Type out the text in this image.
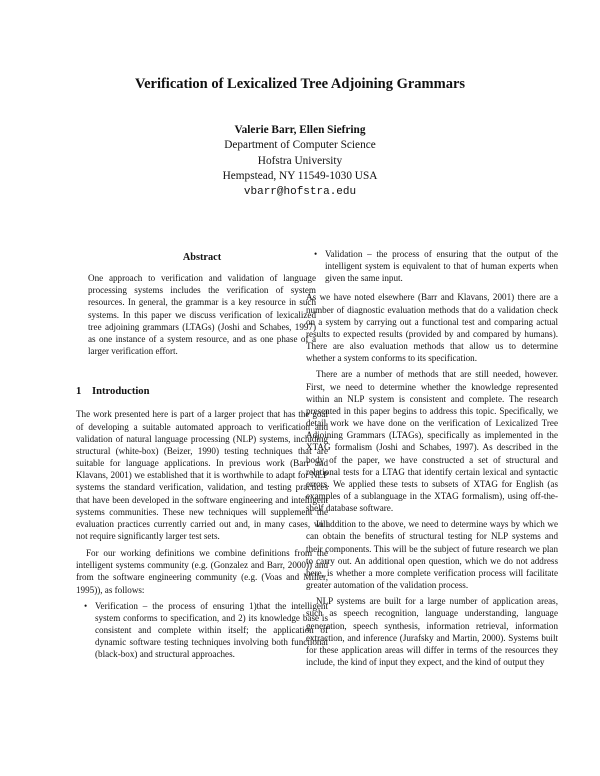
Verification of Lexicalized Tree Adjoining Grammars
Valerie Barr, Ellen Siefring
Department of Computer Science
Hofstra University
Hempstead, NY 11549-1030 USA
vbarr@hofstra.edu
Abstract
One approach to verification and validation of language processing systems includes the verification of system resources. In general, the grammar is a key resource in such systems. In this paper we discuss verification of lexicalized tree adjoining grammars (LTAGs) (Joshi and Schabes, 1997) as one instance of a system resource, and as one phase of a larger verification effort.
1 Introduction

The work presented here is part of a larger project that has the goal of developing a suitable automated approach to verification and validation of natural language processing (NLP) systems, including structural (white-box) (Beizer, 1990) testing techniques that are suitable for language applications. In previous work (Barr and Klavans, 2001) we established that it is worthwhile to adapt for NLP systems the standard verification, validation, and testing practices that have been developed in the software engineering and intelligent systems communities. These new techniques will supplement the evaluation practices currently carried out and, in many cases, will not require significantly larger test sets.

For our working definitions we combine definitions from the intelligent systems community (e.g. (Gonzalez and Barr, 2000)) and from the software engineering community (e.g. (Voas and Miller, 1995)), as follows:

• Verification – the process of ensuring 1)that the intelligent system conforms to specification, and 2) its knowledge base is consistent and complete within itself; the application of dynamic software testing techniques involving both functional (black-box) and structural approaches.
• Validation – the process of ensuring that the output of the intelligent system is equivalent to that of human experts when given the same input.

As we have noted elsewhere (Barr and Klavans, 2001) there are a number of diagnostic evaluation methods that do a validation check on a system by carrying out a functional test and comparing actual results to expected results (provided by and compared by humans). There are also evaluation methods that allow us to determine whether a system conforms to its specification.

There are a number of methods that are still needed, however. First, we need to determine whether the knowledge represented within an NLP system is consistent and complete. The research presented in this paper begins to address this topic. Specifically, we detail work we have done on the verification of Lexicalized Tree Adjoining Grammars (LTAGs), specifically as implemented in the XTAG formalism (Joshi and Schabes, 1997). As described in the body of the paper, we have constructed a set of structural and relational tests for a LTAG that identify certain lexical and syntactic errors. We applied these tests to subsets of XTAG for English (as examples of a sublanguage in the XTAG formalism), using off-the-shelf database software.

In addition to the above, we need to determine ways by which we can obtain the benefits of structural testing for NLP systems and their components. This will be the subject of future research we plan to carry out. An additional open question, which we do not address here, is whether a more complete verification process will facilitate greater automation of the validation process.

NLP systems are built for a large number of application areas, such as speech recognition, language understanding, language generation, speech synthesis, information retrieval, information extraction, and inference (Jurafsky and Martin, 2000). Systems built for these application areas will differ in terms of the resources they include, the kind of input they expect, and the kind of output they
